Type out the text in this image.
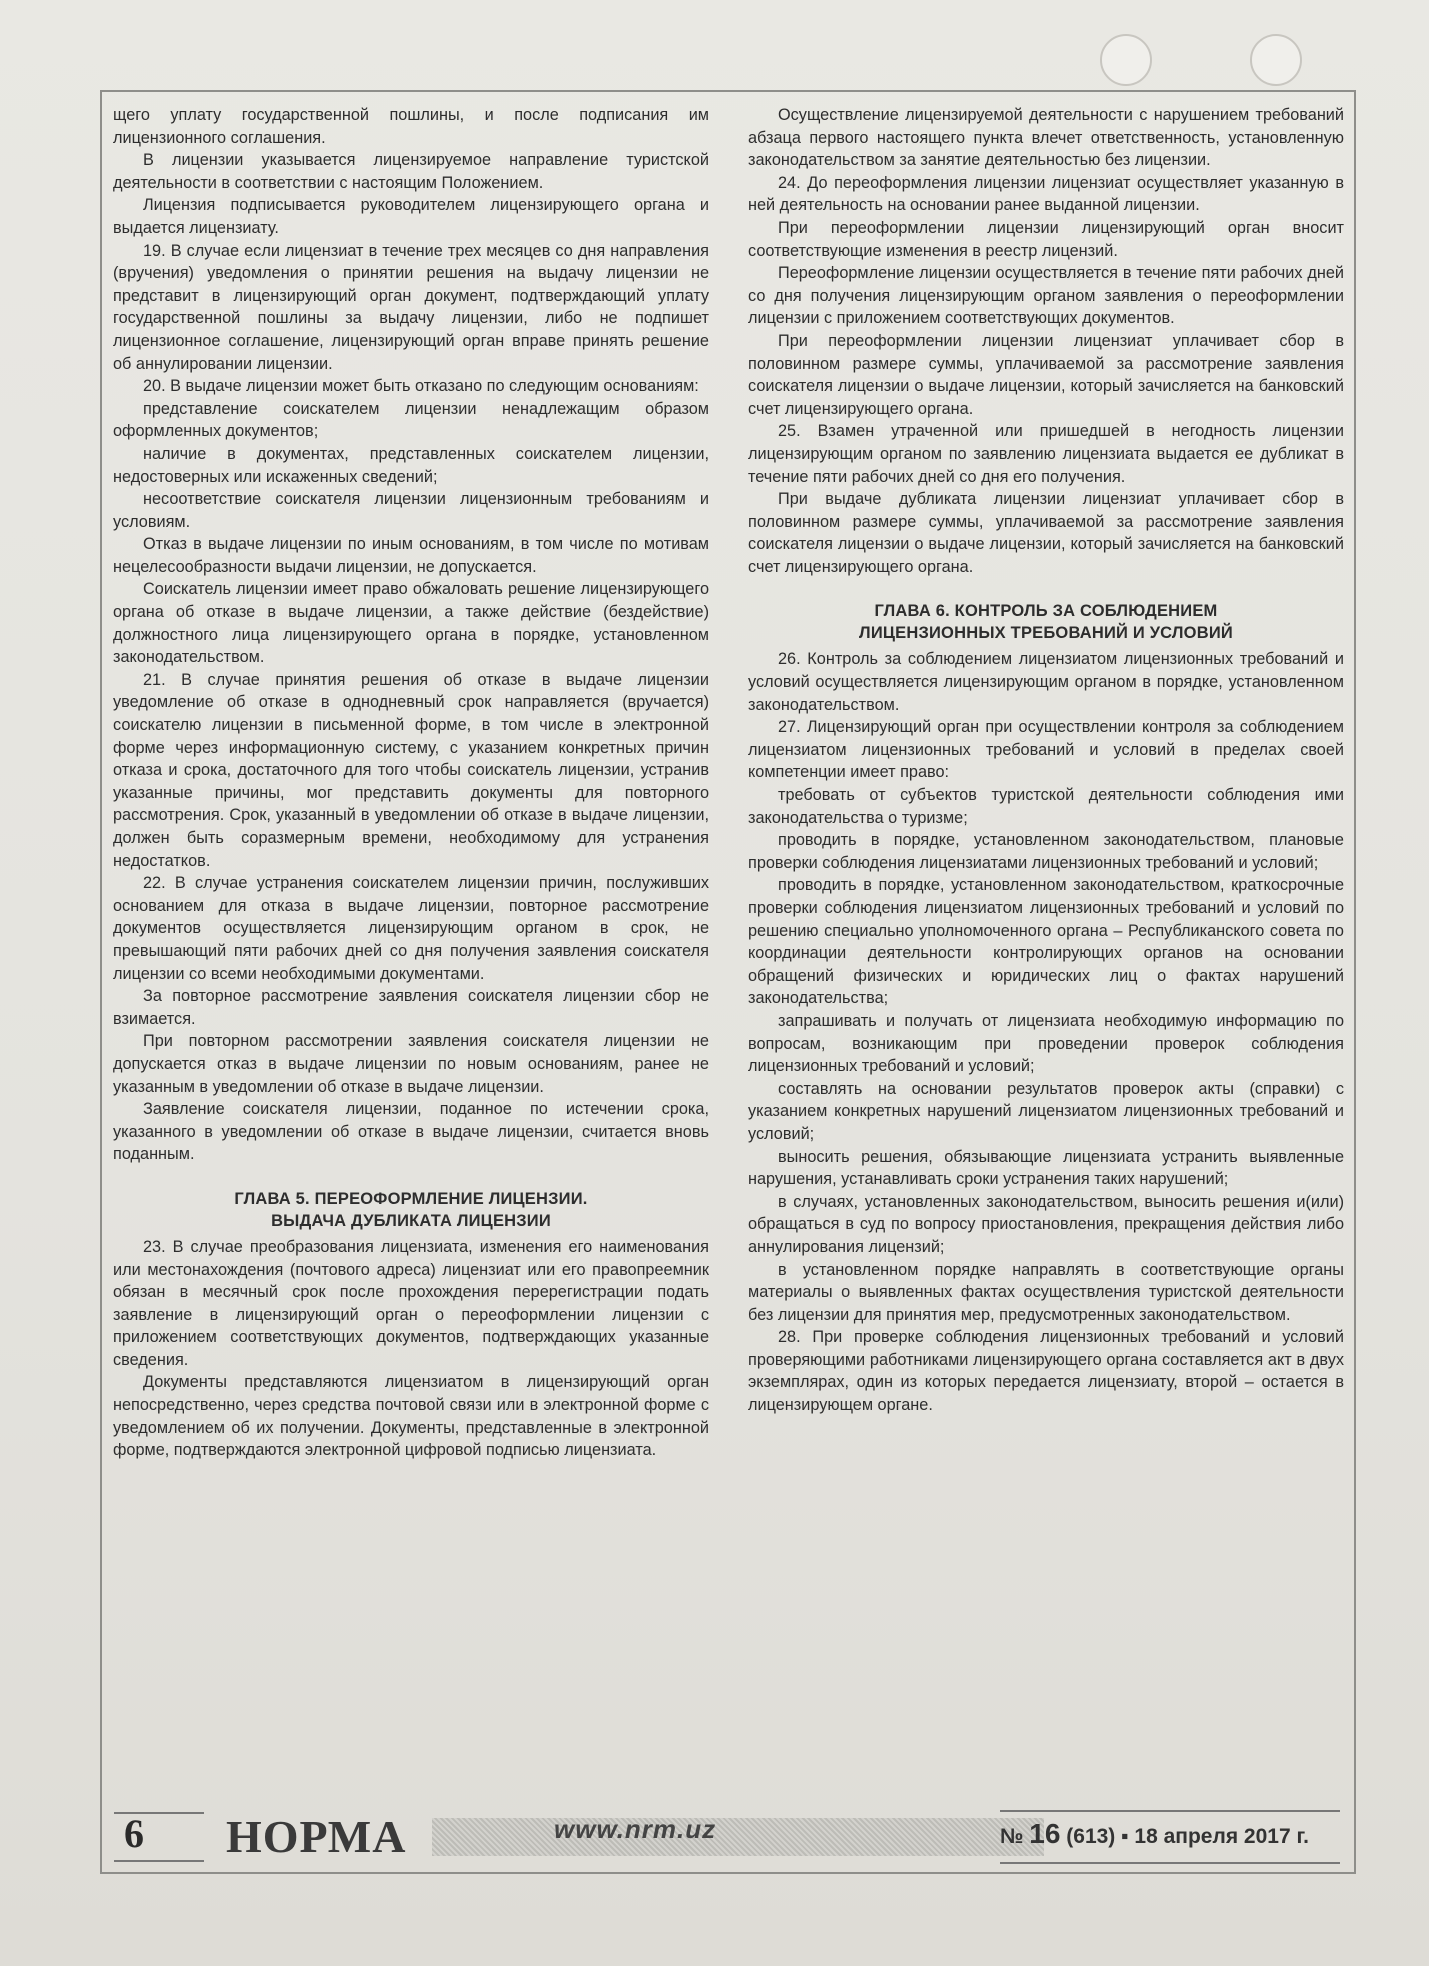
щего уплату государственной пошлины, и после подписания им лицензионного соглашения.

В лицензии указывается лицензируемое направление туристской деятельности в соответствии с настоящим Положением.

Лицензия подписывается руководителем лицензирующего органа и выдается лицензиату.

19. В случае если лицензиат в течение трех месяцев со дня направления (вручения) уведомления о принятии решения на выдачу лицензии не представит в лицензирующий орган документ, подтверждающий уплату государственной пошлины за выдачу лицензии, либо не подпишет лицензионное соглашение, лицензирующий орган вправе принять решение об аннулировании лицензии.

20. В выдаче лицензии может быть отказано по следующим основаниям:

представление соискателем лицензии ненадлежащим образом оформленных документов;

наличие в документах, представленных соискателем лицензии, недостоверных или искаженных сведений;

несоответствие соискателя лицензии лицензионным требованиям и условиям.

Отказ в выдаче лицензии по иным основаниям, в том числе по мотивам нецелесообразности выдачи лицензии, не допускается.

Соискатель лицензии имеет право обжаловать решение лицензирующего органа об отказе в выдаче лицензии, а также действие (бездействие) должностного лица лицензирующего органа в порядке, установленном законодательством.

21. В случае принятия решения об отказе в выдаче лицензии уведомление об отказе в однодневный срок направляется (вручается) соискателю лицензии в письменной форме, в том числе в электронной форме через информационную систему, с указанием конкретных причин отказа и срока, достаточного для того чтобы соискатель лицензии, устранив указанные причины, мог представить документы для повторного рассмотрения. Срок, указанный в уведомлении об отказе в выдаче лицензии, должен быть соразмерным времени, необходимому для устранения недостатков.

22. В случае устранения соискателем лицензии причин, послуживших основанием для отказа в выдаче лицензии, повторное рассмотрение документов осуществляется лицензирующим органом в срок, не превышающий пяти рабочих дней со дня получения заявления соискателя лицензии со всеми необходимыми документами.

За повторное рассмотрение заявления соискателя лицензии сбор не взимается.

При повторном рассмотрении заявления соискателя лицензии не допускается отказ в выдаче лицензии по новым основаниям, ранее не указанным в уведомлении об отказе в выдаче лицензии.

Заявление соискателя лицензии, поданное по истечении срока, указанного в уведомлении об отказе в выдаче лицензии, считается вновь поданным.

ГЛАВА 5. ПЕРЕОФОРМЛЕНИЕ ЛИЦЕНЗИИ.
ВЫДАЧА ДУБЛИКАТА ЛИЦЕНЗИИ

23. В случае преобразования лицензиата, изменения его наименования или местонахождения (почтового адреса) лицензиат или его правопреемник обязан в месячный срок после прохождения перерегистрации подать заявление в лицензирующий орган о переоформлении лицензии с приложением соответствующих документов, подтверждающих указанные сведения.

Документы представляются лицензиатом в лицензирующий орган непосредственно, через средства почтовой связи или в электронной форме с уведомлением об их получении. Документы, представленные в электронной форме, подтверждаются электронной цифровой подписью лицензиата.

Осуществление лицензируемой деятельности с нарушением требований абзаца первого настоящего пункта влечет ответственность, установленную законодательством за занятие деятельностью без лицензии.

24. До переоформления лицензии лицензиат осуществляет указанную в ней деятельность на основании ранее выданной лицензии.

При переоформлении лицензии лицензирующий орган вносит соответствующие изменения в реестр лицензий.

Переоформление лицензии осуществляется в течение пяти рабочих дней со дня получения лицензирующим органом заявления о переоформлении лицензии с приложением соответствующих документов.

При переоформлении лицензии лицензиат уплачивает сбор в половинном размере суммы, уплачиваемой за рассмотрение заявления соискателя лицензии о выдаче лицензии, который зачисляется на банковский счет лицензирующего органа.

25. Взамен утраченной или пришедшей в негодность лицензии лицензирующим органом по заявлению лицензиата выдается ее дубликат в течение пяти рабочих дней со дня его получения.

При выдаче дубликата лицензии лицензиат уплачивает сбор в половинном размере суммы, уплачиваемой за рассмотрение заявления соискателя лицензии о выдаче лицензии, который зачисляется на банковский счет лицензирующего органа.

ГЛАВА 6. КОНТРОЛЬ ЗА СОБЛЮДЕНИЕМ
ЛИЦЕНЗИОННЫХ ТРЕБОВАНИЙ И УСЛОВИЙ

26. Контроль за соблюдением лицензиатом лицензионных требований и условий осуществляется лицензирующим органом в порядке, установленном законодательством.

27. Лицензирующий орган при осуществлении контроля за соблюдением лицензиатом лицензионных требований и условий в пределах своей компетенции имеет право:

требовать от субъектов туристской деятельности соблюдения ими законодательства о туризме;

проводить в порядке, установленном законодательством, плановые проверки соблюдения лицензиатами лицензионных требований и условий;

проводить в порядке, установленном законодательством, краткосрочные проверки соблюдения лицензиатом лицензионных требований и условий по решению специально уполномоченного органа – Республиканского совета по координации деятельности контролирующих органов на основании обращений физических и юридических лиц о фактах нарушений законодательства;

запрашивать и получать от лицензиата необходимую информацию по вопросам, возникающим при проведении проверок соблюдения лицензионных требований и условий;

составлять на основании результатов проверок акты (справки) с указанием конкретных нарушений лицензиатом лицензионных требований и условий;

выносить решения, обязывающие лицензиата устранить выявленные нарушения, устанавливать сроки устранения таких нарушений;

в случаях, установленных законодательством, выносить решения и(или) обращаться в суд по вопросу приостановления, прекращения действия либо аннулирования лицензий;

в установленном порядке направлять в соответствующие органы материалы о выявленных фактах осуществления туристской деятельности без лицензии для принятия мер, предусмотренных законодательством.

28. При проверке соблюдения лицензионных требований и условий проверяющими работниками лицензирующего органа составляется акт в двух экземплярах, один из которых передается лицензиату, второй – остается в лицензирующем органе.

6 НОРМА	www.nrm.uz	№ 16 (613) ▪ 18 апреля 2017 г.
